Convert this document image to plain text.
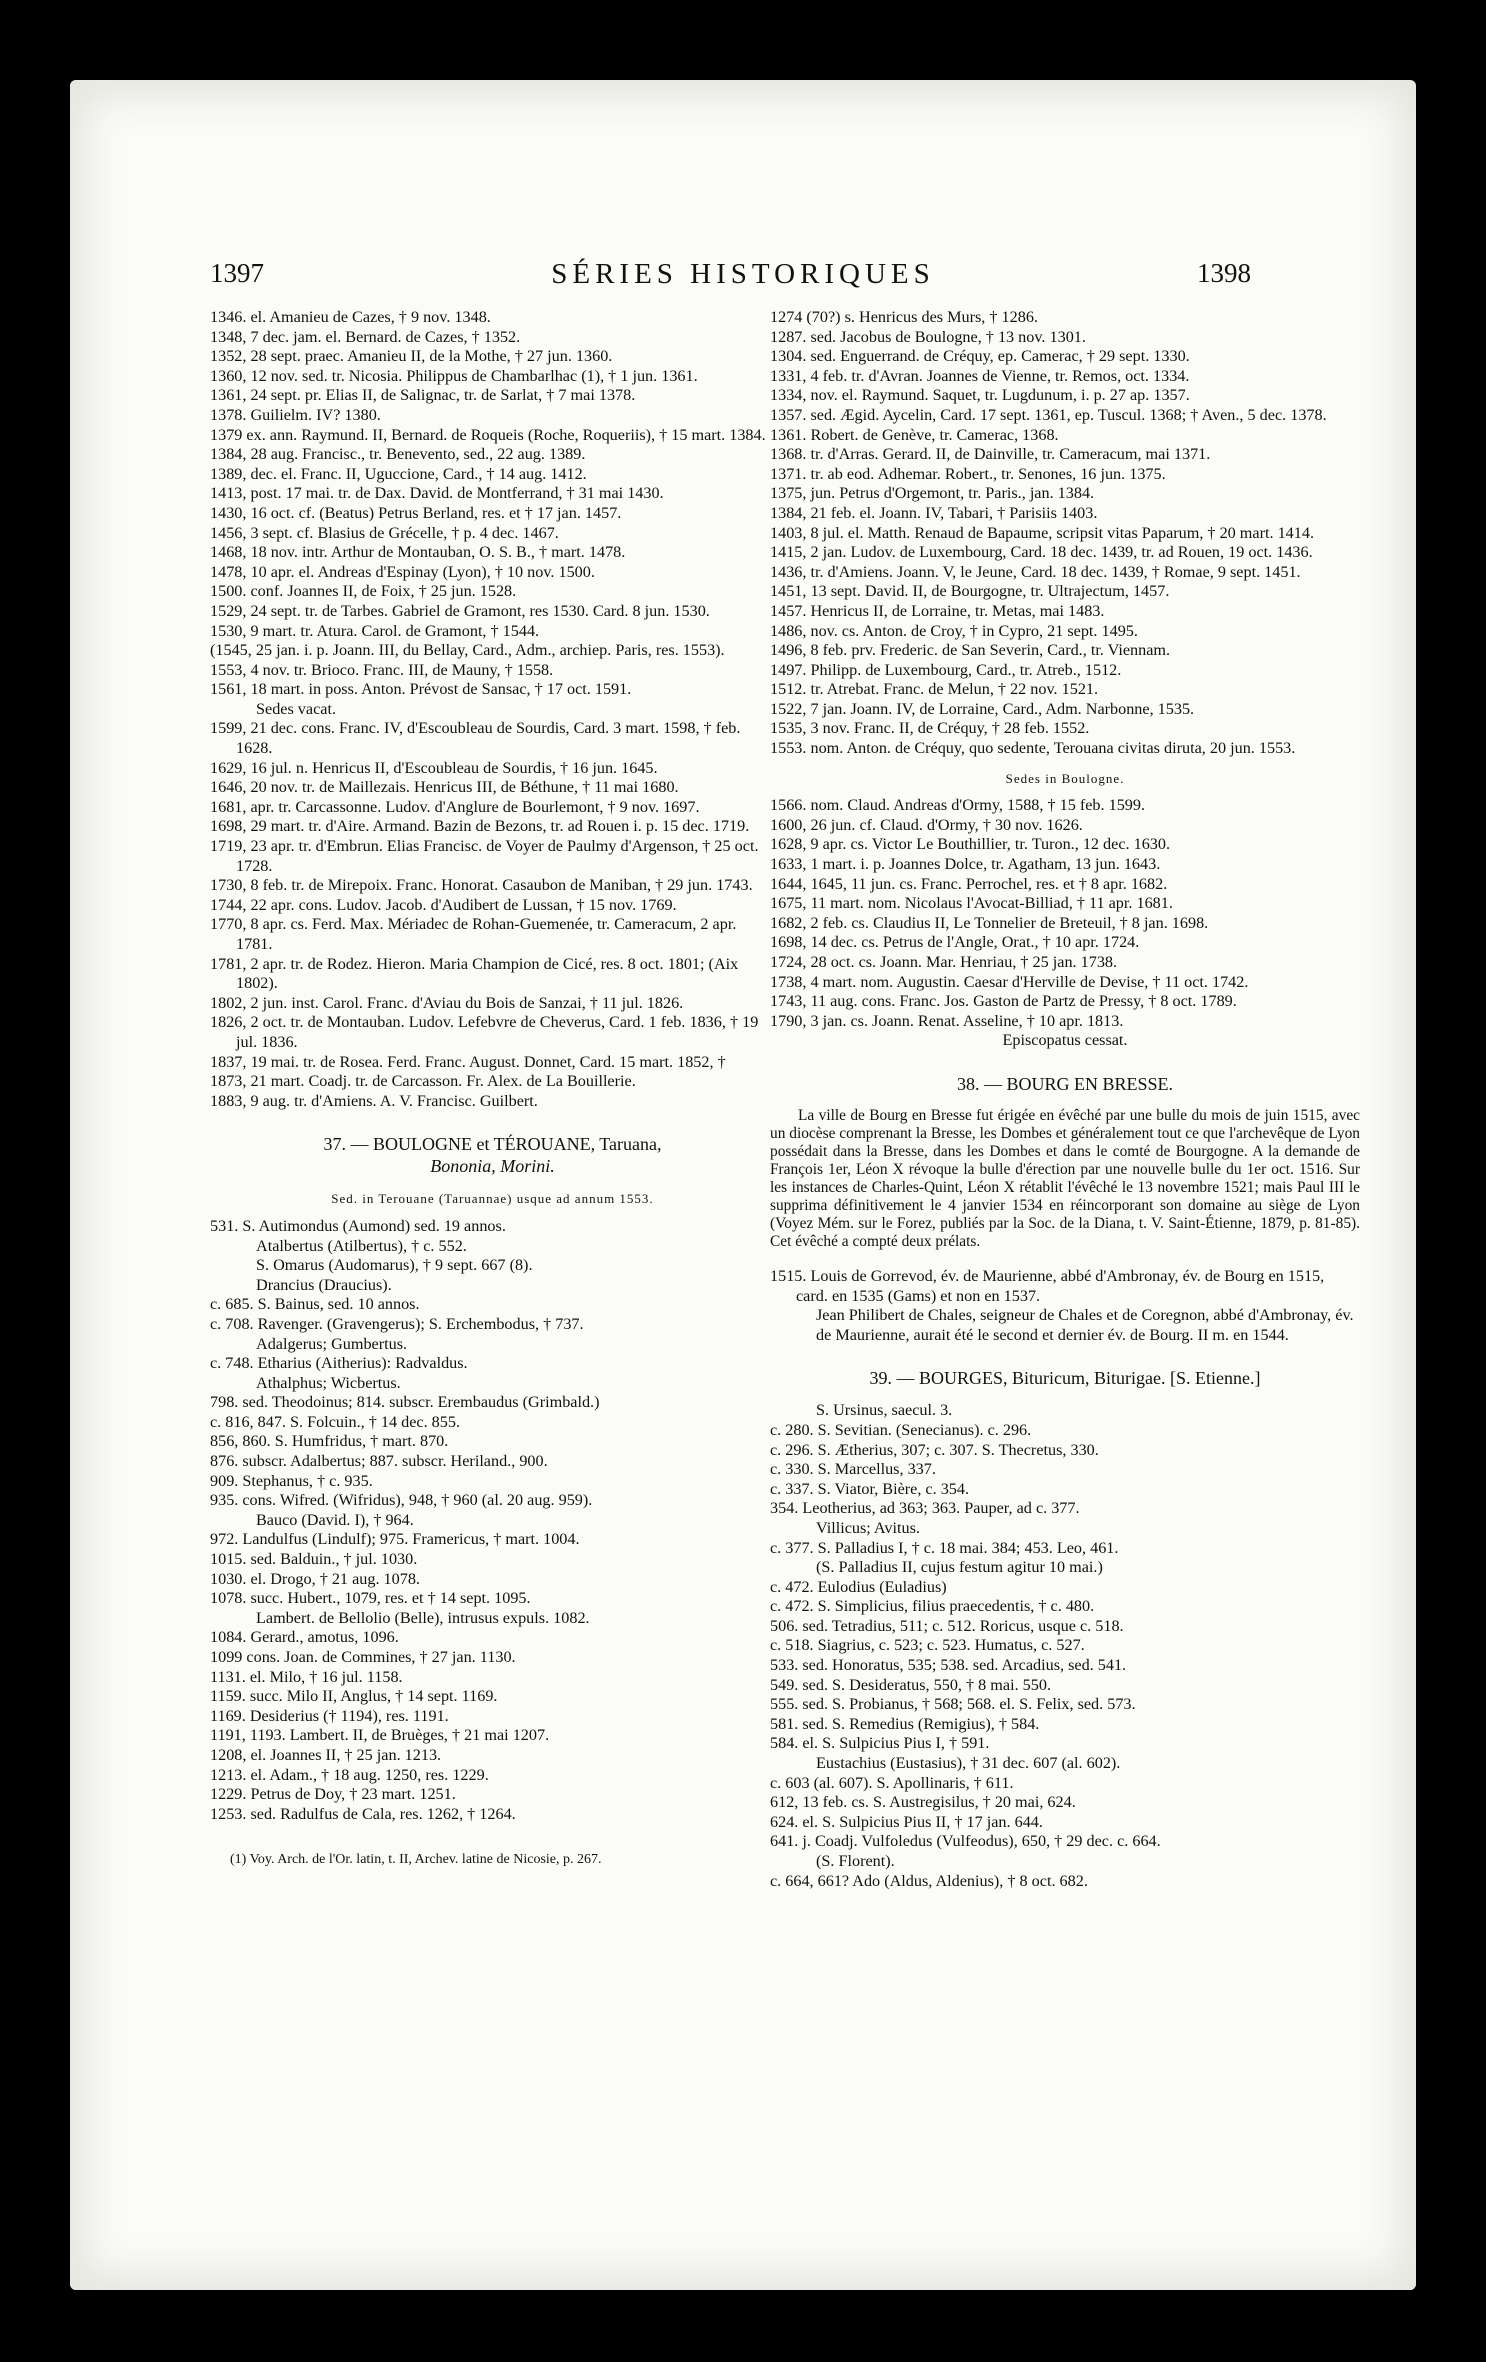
1397	SÉRIES HISTORIQUES	1398

1346. el. Amanieu de Cazes, † 9 nov. 1348.

1348, 7 dec. jam. el. Bernard. de Cazes, † 1352.

1352, 28 sept. praec. Amanieu II, de la Mothe, † 27 jun. 1360.

1360, 12 nov. sed. tr. Nicosia. Philippus de Chambarlhac (1), † 1 jun. 1361.

1361, 24 sept. pr. Elias II, de Salignac, tr. de Sarlat, † 7 mai 1378.

1378. Guilielm. IV? 1380.

1379 ex. ann. Raymund. II, Bernard. de Roqueis (Roche, Roqueriis), † 15 mart. 1384.

1384, 28 aug. Francisc., tr. Benevento, sed., 22 aug. 1389.

1389, dec. el. Franc. II, Uguccione, Card., † 14 aug. 1412.

1413, post. 17 mai. tr. de Dax. David. de Montferrand, † 31 mai 1430.

1430, 16 oct. cf. (Beatus) Petrus Berland, res. et † 17 jan. 1457.

1456, 3 sept. cf. Blasius de Grécelle, † p. 4 dec. 1467.

1468, 18 nov. intr. Arthur de Montauban, O. S. B., † mart. 1478.

1478, 10 apr. el. Andreas d'Espinay (Lyon), † 10 nov. 1500.

1500. conf. Joannes II, de Foix, † 25 jun. 1528.

1529, 24 sept. tr. de Tarbes. Gabriel de Gramont, res 1530. Card. 8 jun. 1530.

1530, 9 mart. tr. Atura. Carol. de Gramont, † 1544.

(1545, 25 jan. i. p. Joann. III, du Bellay, Card., Adm., archiep. Paris, res. 1553).

1553, 4 nov. tr. Brioco. Franc. III, de Mauny, † 1558.

1561, 18 mart. in poss. Anton. Prévost de Sansac, † 17 oct. 1591.

Sedes vacat.

1599, 21 dec. cons. Franc. IV, d'Escoubleau de Sourdis, Card. 3 mart. 1598, † feb. 1628.

1629, 16 jul. n. Henricus II, d'Escoubleau de Sourdis, † 16 jun. 1645.

1646, 20 nov. tr. de Maillezais. Henricus III, de Béthune, † 11 mai 1680.

1681, apr. tr. Carcassonne. Ludov. d'Anglure de Bourlemont, † 9 nov. 1697.

1698, 29 mart. tr. d'Aire. Armand. Bazin de Bezons, tr. ad Rouen i. p. 15 dec. 1719.

1719, 23 apr. tr. d'Embrun. Elias Francisc. de Voyer de Paulmy d'Argenson, † 25 oct. 1728.

1730, 8 feb. tr. de Mirepoix. Franc. Honorat. Casaubon de Maniban, † 29 jun. 1743.

1744, 22 apr. cons. Ludov. Jacob. d'Audibert de Lussan, † 15 nov. 1769.

1770, 8 apr. cs. Ferd. Max. Mériadec de Rohan-Guemenée, tr. Cameracum, 2 apr. 1781.

1781, 2 apr. tr. de Rodez. Hieron. Maria Champion de Cicé, res. 8 oct. 1801; (Aix 1802).

1802, 2 jun. inst. Carol. Franc. d'Aviau du Bois de Sanzai, † 11 jul. 1826.

1826, 2 oct. tr. de Montauban. Ludov. Lefebvre de Cheverus, Card. 1 feb. 1836, † 19 jul. 1836.

1837, 19 mai. tr. de Rosea. Ferd. Franc. August. Donnet, Card. 15 mart. 1852, †

1873, 21 mart. Coadj. tr. de Carcasson. Fr. Alex. de La Bouillerie.

1883, 9 aug. tr. d'Amiens. A. V. Francisc. Guilbert.

37. — BOULOGNE et TÉROUANE, Taruana,
Bononia, Morini.

Sed. in Terouane (Taruannae) usque ad annum 1553.

531. S. Autimondus (Aumond) sed. 19 annos.

Atalbertus (Atilbertus), † c. 552.

S. Omarus (Audomarus), † 9 sept. 667 (8).

Drancius (Draucius).

c. 685. S. Bainus, sed. 10 annos.

c. 708. Ravenger. (Gravengerus); S. Erchembodus, † 737.

Adalgerus; Gumbertus.

c. 748. Etharius (Aitherius): Radvaldus.

Athalphus; Wicbertus.

798. sed. Theodoinus; 814. subscr. Erembaudus (Grimbald.)

c. 816, 847. S. Folcuin., † 14 dec. 855.

856, 860. S. Humfridus, † mart. 870.

876. subscr. Adalbertus; 887. subscr. Heriland., 900.

909. Stephanus, † c. 935.

935. cons. Wifred. (Wifridus), 948, † 960 (al. 20 aug. 959).

Bauco (David. I), † 964.

972. Landulfus (Lindulf); 975. Framericus, † mart. 1004.

1015. sed. Balduin., † jul. 1030.

1030. el. Drogo, † 21 aug. 1078.

1078. succ. Hubert., 1079, res. et † 14 sept. 1095.

Lambert. de Bellolio (Belle), intrusus expuls. 1082.

1084. Gerard., amotus, 1096.

1099 cons. Joan. de Commines, † 27 jan. 1130.

1131. el. Milo, † 16 jul. 1158.

1159. succ. Milo II, Anglus, † 14 sept. 1169.

1169. Desiderius († 1194), res. 1191.

1191, 1193. Lambert. II, de Bruèges, † 21 mai 1207.

1208, el. Joannes II, † 25 jan. 1213.

1213. el. Adam., † 18 aug. 1250, res. 1229.

1229. Petrus de Doy, † 23 mart. 1251.

1253. sed. Radulfus de Cala, res. 1262, † 1264.

(1) Voy. Arch. de l'Or. latin, t. II, Archev. latine de Nicosie, p. 267.

1274 (70?) s. Henricus des Murs, † 1286.

1287. sed. Jacobus de Boulogne, † 13 nov. 1301.

1304. sed. Enguerrand. de Créquy, ep. Camerac, † 29 sept. 1330.

1331, 4 feb. tr. d'Avran. Joannes de Vienne, tr. Remos, oct. 1334.

1334, nov. el. Raymund. Saquet, tr. Lugdunum, i. p. 27 ap. 1357.

1357. sed. Ægid. Aycelin, Card. 17 sept. 1361, ep. Tuscul. 1368; † Aven., 5 dec. 1378.

1361. Robert. de Genève, tr. Camerac, 1368.

1368. tr. d'Arras. Gerard. II, de Dainville, tr. Cameracum, mai 1371.

1371. tr. ab eod. Adhemar. Robert., tr. Senones, 16 jun. 1375.

1375, jun. Petrus d'Orgemont, tr. Paris., jan. 1384.

1384, 21 feb. el. Joann. IV, Tabari, † Parisiis 1403.

1403, 8 jul. el. Matth. Renaud de Bapaume, scripsit vitas Paparum, † 20 mart. 1414.

1415, 2 jan. Ludov. de Luxembourg, Card. 18 dec. 1439, tr. ad Rouen, 19 oct. 1436.

1436, tr. d'Amiens. Joann. V, le Jeune, Card. 18 dec. 1439, † Romae, 9 sept. 1451.

1451, 13 sept. David. II, de Bourgogne, tr. Ultrajectum, 1457.

1457. Henricus II, de Lorraine, tr. Metas, mai 1483.

1486, nov. cs. Anton. de Croy, † in Cypro, 21 sept. 1495.

1496, 8 feb. prv. Frederic. de San Severin, Card., tr. Viennam.

1497. Philipp. de Luxembourg, Card., tr. Atreb., 1512.

1512. tr. Atrebat. Franc. de Melun, † 22 nov. 1521.

1522, 7 jan. Joann. IV, de Lorraine, Card., Adm. Narbonne, 1535.

1535, 3 nov. Franc. II, de Créquy, † 28 feb. 1552.

1553. nom. Anton. de Créquy, quo sedente, Terouana civitas diruta, 20 jun. 1553.

Sedes in Boulogne.

1566. nom. Claud. Andreas d'Ormy, 1588, † 15 feb. 1599.

1600, 26 jun. cf. Claud. d'Ormy, † 30 nov. 1626.

1628, 9 apr. cs. Victor Le Bouthillier, tr. Turon., 12 dec. 1630.

1633, 1 mart. i. p. Joannes Dolce, tr. Agatham, 13 jun. 1643.

1644, 1645, 11 jun. cs. Franc. Perrochel, res. et † 8 apr. 1682.

1675, 11 mart. nom. Nicolaus l'Avocat-Billiad, † 11 apr. 1681.

1682, 2 feb. cs. Claudius II, Le Tonnelier de Breteuil, † 8 jan. 1698.

1698, 14 dec. cs. Petrus de l'Angle, Orat., † 10 apr. 1724.

1724, 28 oct. cs. Joann. Mar. Henriau, † 25 jan. 1738.

1738, 4 mart. nom. Augustin. Caesar d'Herville de Devise, † 11 oct. 1742.

1743, 11 aug. cons. Franc. Jos. Gaston de Partz de Pressy, † 8 oct. 1789.

1790, 3 jan. cs. Joann. Renat. Asseline, † 10 apr. 1813.

Episcopatus cessat.

38. — BOURG EN BRESSE.

La ville de Bourg en Bresse fut érigée en évêché par une bulle du mois de juin 1515, avec un diocèse comprenant la Bresse, les Dombes et généralement tout ce que l'archevêque de Lyon possédait dans la Bresse, dans les Dombes et dans le comté de Bourgogne. A la demande de François 1er, Léon X révoque la bulle d'érection par une nouvelle bulle du 1er oct. 1516. Sur les instances de Charles-Quint, Léon X rétablit l'évêché le 13 novembre 1521; mais Paul III le supprima définitivement le 4 janvier 1534 en réincorporant son domaine au siège de Lyon (Voyez Mém. sur le Forez, publiés par la Soc. de la Diana, t. V. Saint-Étienne, 1879, p. 81-85). Cet évêché a compté deux prélats.

1515. Louis de Gorrevod, év. de Maurienne, abbé d'Ambronay, év. de Bourg en 1515, card. en 1535 (Gams) et non en 1537.

Jean Philibert de Chales, seigneur de Chales et de Coregnon, abbé d'Ambronay, év. de Maurienne, aurait été le second et dernier év. de Bourg. II m. en 1544.

39. — BOURGES, Bituricum, Biturigae. [S. Etienne.]

S. Ursinus, saecul. 3.

c. 280. S. Sevitian. (Senecianus). c. 296.

c. 296. S. Ætherius, 307; c. 307. S. Thecretus, 330.

c. 330. S. Marcellus, 337.

c. 337. S. Viator, Bière, c. 354.

354. Leotherius, ad 363; 363. Pauper, ad c. 377.

Villicus; Avitus.

c. 377. S. Palladius I, † c. 18 mai. 384; 453. Leo, 461.

(S. Palladius II, cujus festum agitur 10 mai.)

c. 472. Eulodius (Euladius)

c. 472. S. Simplicius, filius praecedentis, † c. 480.

506. sed. Tetradius, 511; c. 512. Roricus, usque c. 518.

c. 518. Siagrius, c. 523; c. 523. Humatus, c. 527.

533. sed. Honoratus, 535; 538. sed. Arcadius, sed. 541.

549. sed. S. Desideratus, 550, † 8 mai. 550.

555. sed. S. Probianus, † 568; 568. el. S. Felix, sed. 573.

581. sed. S. Remedius (Remigius), † 584.

584. el. S. Sulpicius Pius I, † 591.

Eustachius (Eustasius), † 31 dec. 607 (al. 602).

c. 603 (al. 607). S. Apollinaris, † 611.

612, 13 feb. cs. S. Austregisilus, † 20 mai, 624.

624. el. S. Sulpicius Pius II, † 17 jan. 644.

641. j. Coadj. Vulfoledus (Vulfeodus), 650, † 29 dec. c. 664.

(S. Florent).

c. 664, 661? Ado (Aldus, Aldenius), † 8 oct. 682.
